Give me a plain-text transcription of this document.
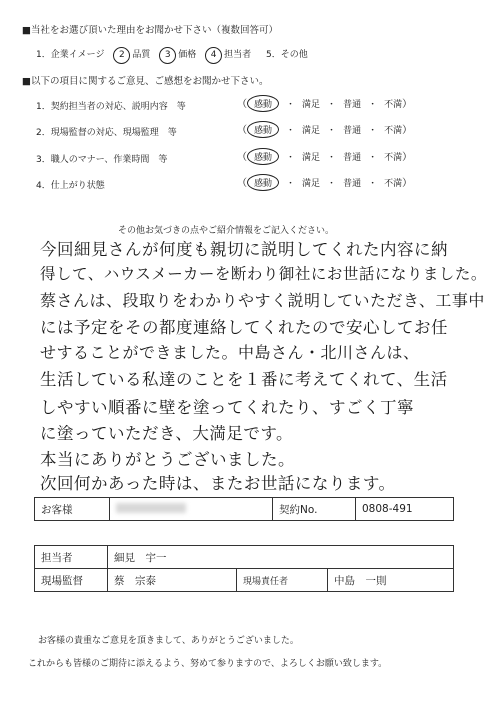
■当社をお選び頂いた理由をお聞かせ下さい（複数回答可）
1．企業イメージ 2 品質 3 価格 4 担当者 5．その他
■以下の項目に関するご意見、ご感想をお聞かせ下さい。
1．契約担当者の対応、説明内容　等	（ 感動 ・ 満足 ・ 普通 ・ 不満）
2．現場監督の対応、現場監理　等	（ 感動 ・ 満足 ・ 普通 ・ 不満）
3．職人のマナー、作業時間　等	（ 感動 ・ 満足 ・ 普通 ・ 不満）
4．仕上がり状態	（ 感動 ・ 満足 ・ 普通 ・ 不満）
その他お気づきの点やご紹介情報をご記入ください。
今回細見さんが何度も親切に説明してくれた内容に納
得して、ハウスメーカーを断わり御社にお世話になりました。
蔡さんは、段取りをわかりやすく説明していただき、工事中
には予定をその都度連絡してくれたので安心してお任
せすることができました。中島さん・北川さんは、
生活している私達のことを１番に考えてくれて、生活
しやすい順番に壁を塗ってくれたり、すごく丁寧
に塗っていただき、大満足です。
本当にありがとうございました。
次回何かあった時は、またお世話になります。
お客様		契約No.	0808-491
担当者	細見　宇一		
現場監督	蔡　宗泰	現場責任者	中島　一則
お客様の貴重なご意見を頂きまして、ありがとうございました。
これからも皆様のご期待に添えるよう、努めて参りますので、よろしくお願い致します。
